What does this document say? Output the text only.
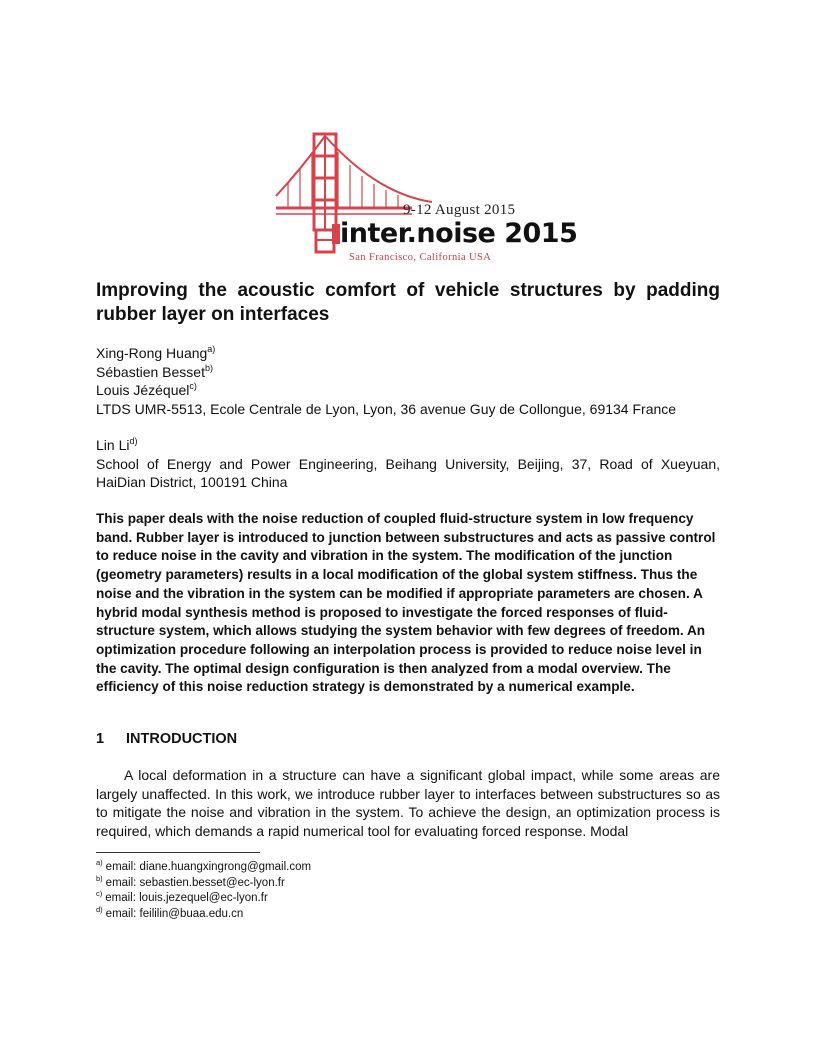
9-12 August 2015
inter.noise 2015
San Francisco, California USA
Improving the acoustic comfort of vehicle structures by padding rubber layer on interfaces
Xing-Rong Huang$^{a)}$
Sébastien Besset$^{b)}$
Louis Jézéquel$^{c)}$
LTDS UMR-5513, Ecole Centrale de Lyon, Lyon, 36 avenue Guy de Collongue, 69134 France
Lin Li$^{d)}$
School of Energy and Power Engineering, Beihang University, Beijing, 37, Road of Xueyuan, HaiDian District, 100191 China

This paper deals with the noise reduction of coupled fluid-structure system in low frequency band. Rubber layer is introduced to junction between substructures and acts as passive control to reduce noise in the cavity and vibration in the system. The modification of the junction (geometry parameters) results in a local modification of the global system stiffness. Thus the noise and the vibration in the system can be modified if appropriate parameters are chosen. A hybrid modal synthesis method is proposed to investigate the forced responses of fluid-structure system, which allows studying the system behavior with few degrees of freedom. An optimization procedure following an interpolation process is provided to reduce noise level in the cavity. The optimal design configuration is then analyzed from a modal overview. The efficiency of this noise reduction strategy is demonstrated by a numerical example.

1 INTRODUCTION

A local deformation in a structure can have a significant global impact, while some areas are largely unaffected. In this work, we introduce rubber layer to interfaces between substructures so as to mitigate the noise and vibration in the system. To achieve the design, an optimization process is required, which demands a rapid numerical tool for evaluating forced response. Modal

$^{a)}$ email: diane.huangxingrong@gmail.com
$^{b)}$ email: sebastien.besset@ec-lyon.fr
$^{c)}$ email: louis.jezequel@ec-lyon.fr
$^{d)}$ email: feililin@buaa.edu.cn
